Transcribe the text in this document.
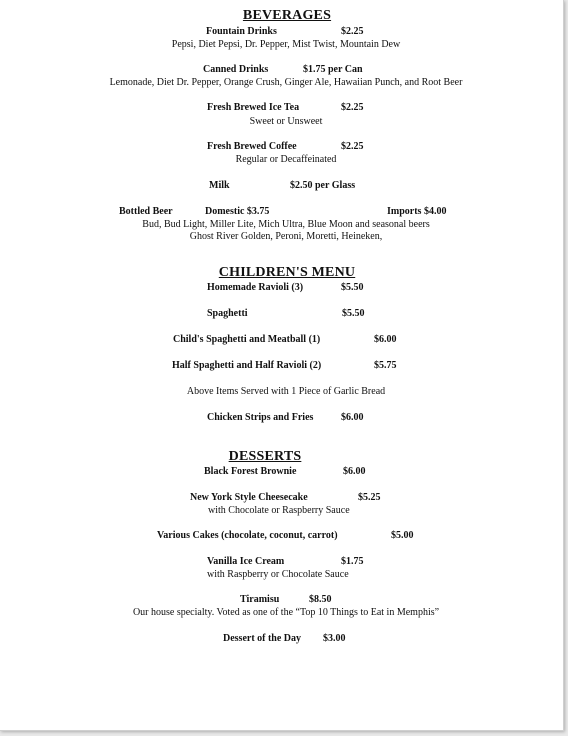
BEVERAGES
Fountain Drinks	$2.25
Pepsi, Diet Pepsi, Dr. Pepper, Mist Twist, Mountain Dew
Canned Drinks	$1.75 per Can
Lemonade, Diet Dr. Pepper, Orange Crush, Ginger Ale, Hawaiian Punch, and Root Beer
Fresh Brewed Ice Tea	$2.25
Sweet or Unsweet
Fresh Brewed Coffee	$2.25
Regular or Decaffeinated
Milk	$2.50 per Glass
Bottled Beer	Domestic $3.75	Imports $4.00
Bud, Bud Light, Miller Lite, Mich Ultra, Blue Moon and seasonal beers
Ghost River Golden, Peroni, Moretti, Heineken,
CHILDREN'S MENU
Homemade Ravioli (3)	$5.50
Spaghetti	$5.50
Child's Spaghetti and Meatball (1)	$6.00
Half Spaghetti and Half Ravioli (2)	$5.75
Above Items Served with 1 Piece of Garlic Bread
Chicken Strips and Fries	$6.00
DESSERTS
Black Forest Brownie	$6.00
New York Style Cheesecake	$5.25
with Chocolate or Raspberry Sauce
Various Cakes (chocolate, coconut, carrot)	$5.00
Vanilla Ice Cream	$1.75
with Raspberry or Chocolate Sauce
Tiramisu	$8.50
Our house specialty. Voted as one of the “Top 10 Things to Eat in Memphis”
Dessert of the Day $3.00
